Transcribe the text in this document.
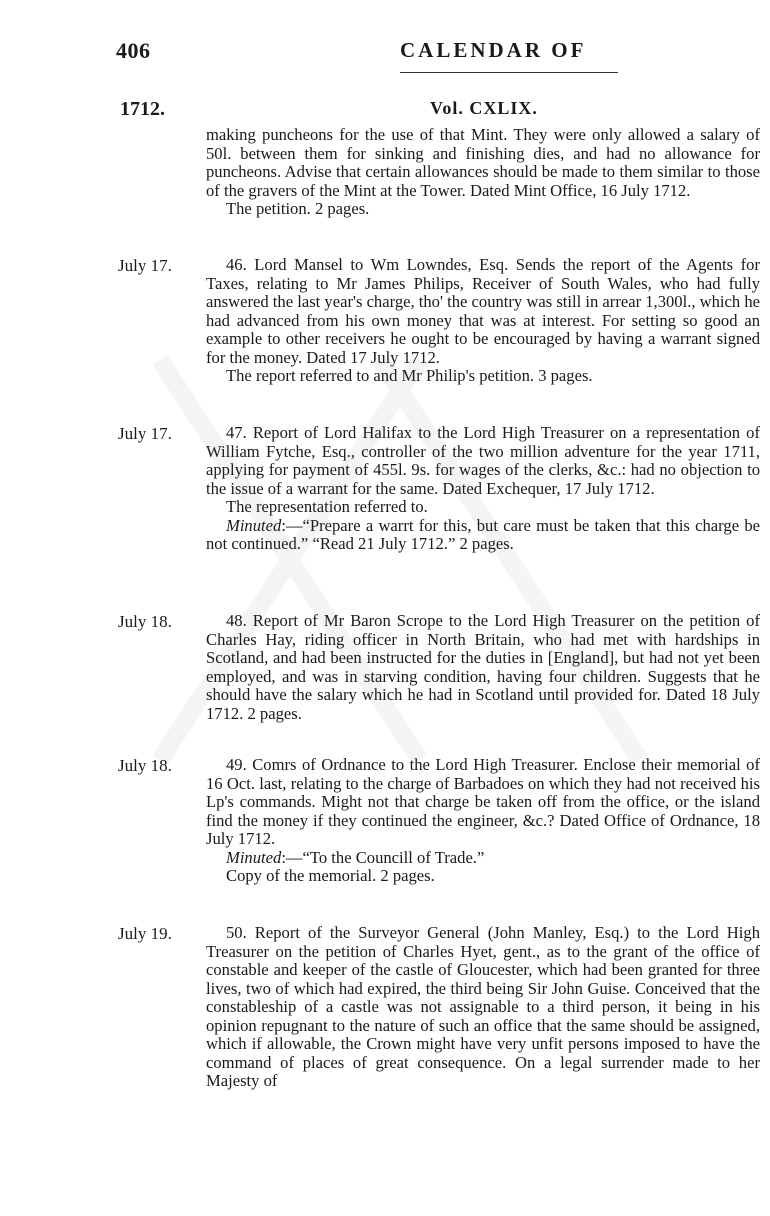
406	CALENDAR OF
1712.	Vol. CXLIX.

making puncheons for the use of that Mint. They were only allowed a salary of 50l. between them for sinking and finishing dies, and had no allowance for puncheons. Advise that certain allowances should be made to them similar to those of the gravers of the Mint at the Tower. Dated Mint Office, 16 July 1712.

The petition. 2 pages.

July 17.	46. Lord Mansel to Wm Lowndes, Esq. Sends the report of the Agents for Taxes, relating to Mr James Philips, Receiver of South Wales, who had fully answered the last year's charge, tho' the country was still in arrear 1,300l., which he had advanced from his own money that was at interest. For setting so good an example to other receivers he ought to be encouraged by having a warrant signed for the money. Dated 17 July 1712.

The report referred to and Mr Philip's petition. 3 pages.

July 17.	47. Report of Lord Halifax to the Lord High Treasurer on a representation of William Fytche, Esq., controller of the two million adventure for the year 1711, applying for payment of 455l. 9s. for wages of the clerks, &c.: had no objection to the issue of a warrant for the same. Dated Exchequer, 17 July 1712.

The representation referred to.

Minuted:—“Prepare a warrt for this, but care must be taken that this charge be not continued.” “Read 21 July 1712.” 2 pages.

July 18.	48. Report of Mr Baron Scrope to the Lord High Treasurer on the petition of Charles Hay, riding officer in North Britain, who had met with hardships in Scotland, and had been instructed for the duties in [England], but had not yet been employed, and was in starving condition, having four children. Suggests that he should have the salary which he had in Scotland until provided for. Dated 18 July 1712. 2 pages.

July 18.	49. Comrs of Ordnance to the Lord High Treasurer. Enclose their memorial of 16 Oct. last, relating to the charge of Barbadoes on which they had not received his Lp's commands. Might not that charge be taken off from the office, or the island find the money if they continued the engineer, &c.? Dated Office of Ordnance, 18 July 1712.

Minuted:—“To the Councill of Trade.”

Copy of the memorial. 2 pages.

July 19.	50. Report of the Surveyor General (John Manley, Esq.) to the Lord High Treasurer on the petition of Charles Hyet, gent., as to the grant of the office of constable and keeper of the castle of Gloucester, which had been granted for three lives, two of which had expired, the third being Sir John Guise. Conceived that the constableship of a castle was not assignable to a third person, it being in his opinion repugnant to the nature of such an office that the same should be assigned, which if allowable, the Crown might have very unfit persons imposed to have the command of places of great consequence. On a legal surrender made to her Majesty of
